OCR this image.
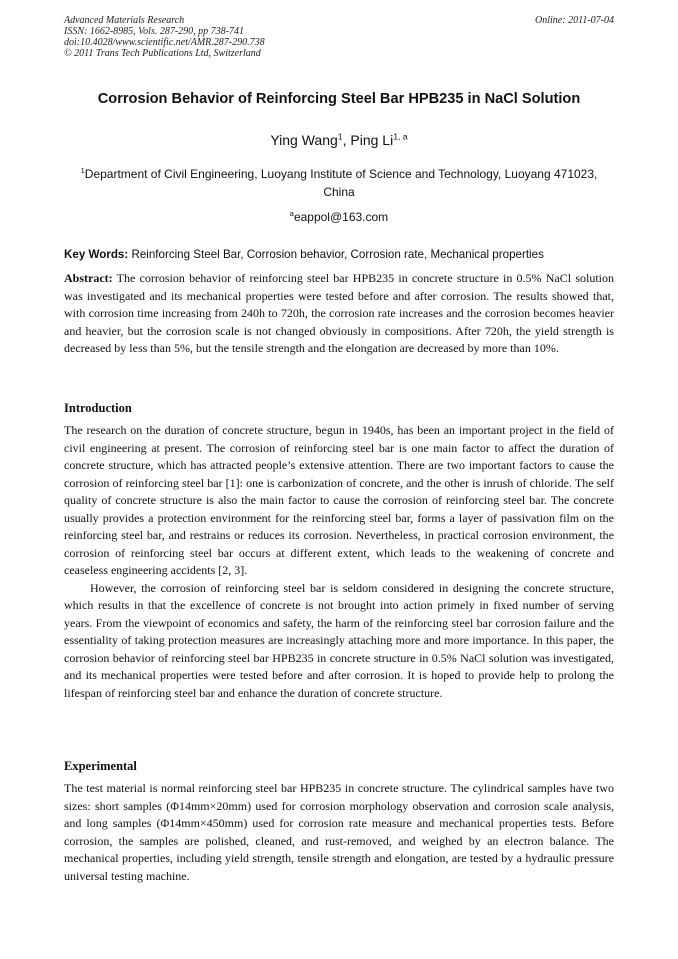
Advanced Materials Research
ISSN: 1662-8985, Vols. 287-290, pp 738-741
doi:10.4028/www.scientific.net/AMR.287-290.738
© 2011 Trans Tech Publications Ltd, Switzerland
Online: 2011-07-04
Corrosion Behavior of Reinforcing Steel Bar HPB235 in NaCl Solution
Ying Wang$^1$, Ping Li$^{1, a}$
$^1$Department of Civil Engineering, Luoyang Institute of Science and Technology, Luoyang 471023, China
$^a$eappol@163.com
Key Words: Reinforcing Steel Bar, Corrosion behavior, Corrosion rate, Mechanical properties
Abstract: The corrosion behavior of reinforcing steel bar HPB235 in concrete structure in 0.5% NaCl solution was investigated and its mechanical properties were tested before and after corrosion. The results showed that, with corrosion time increasing from 240h to 720h, the corrosion rate increases and the corrosion becomes heavier and heavier, but the corrosion scale is not changed obviously in compositions. After 720h, the yield strength is decreased by less than 5%, but the tensile strength and the elongation are decreased by more than 10%.
Introduction

The research on the duration of concrete structure, begun in 1940s, has been an important project in the field of civil engineering at present. The corrosion of reinforcing steel bar is one main factor to affect the duration of concrete structure, which has attracted people’s extensive attention. There are two important factors to cause the corrosion of reinforcing steel bar [1]: one is carbonization of concrete, and the other is inrush of chloride. The self quality of concrete structure is also the main factor to cause the corrosion of reinforcing steel bar. The concrete usually provides a protection environment for the reinforcing steel bar, forms a layer of passivation film on the reinforcing steel bar, and restrains or reduces its corrosion. Nevertheless, in practical corrosion environment, the corrosion of reinforcing steel bar occurs at different extent, which leads to the weakening of concrete and ceaseless engineering accidents [2, 3].

However, the corrosion of reinforcing steel bar is seldom considered in designing the concrete structure, which results in that the excellence of concrete is not brought into action primely in fixed number of serving years. From the viewpoint of economics and safety, the harm of the reinforcing steel bar corrosion failure and the essentiality of taking protection measures are increasingly attaching more and more importance. In this paper, the corrosion behavior of reinforcing steel bar HPB235 in concrete structure in 0.5% NaCl solution was investigated, and its mechanical properties were tested before and after corrosion. It is hoped to provide help to prolong the lifespan of reinforcing steel bar and enhance the duration of concrete structure.

Experimental

The test material is normal reinforcing steel bar HPB235 in concrete structure. The cylindrical samples have two sizes: short samples (Φ14mm×20mm) used for corrosion morphology observation and corrosion scale analysis, and long samples (Φ14mm×450mm) used for corrosion rate measure and mechanical properties tests. Before corrosion, the samples are polished, cleaned, and rust-removed, and weighed by an electron balance. The mechanical properties, including yield strength, tensile strength and elongation, are tested by a hydraulic pressure universal testing machine.
